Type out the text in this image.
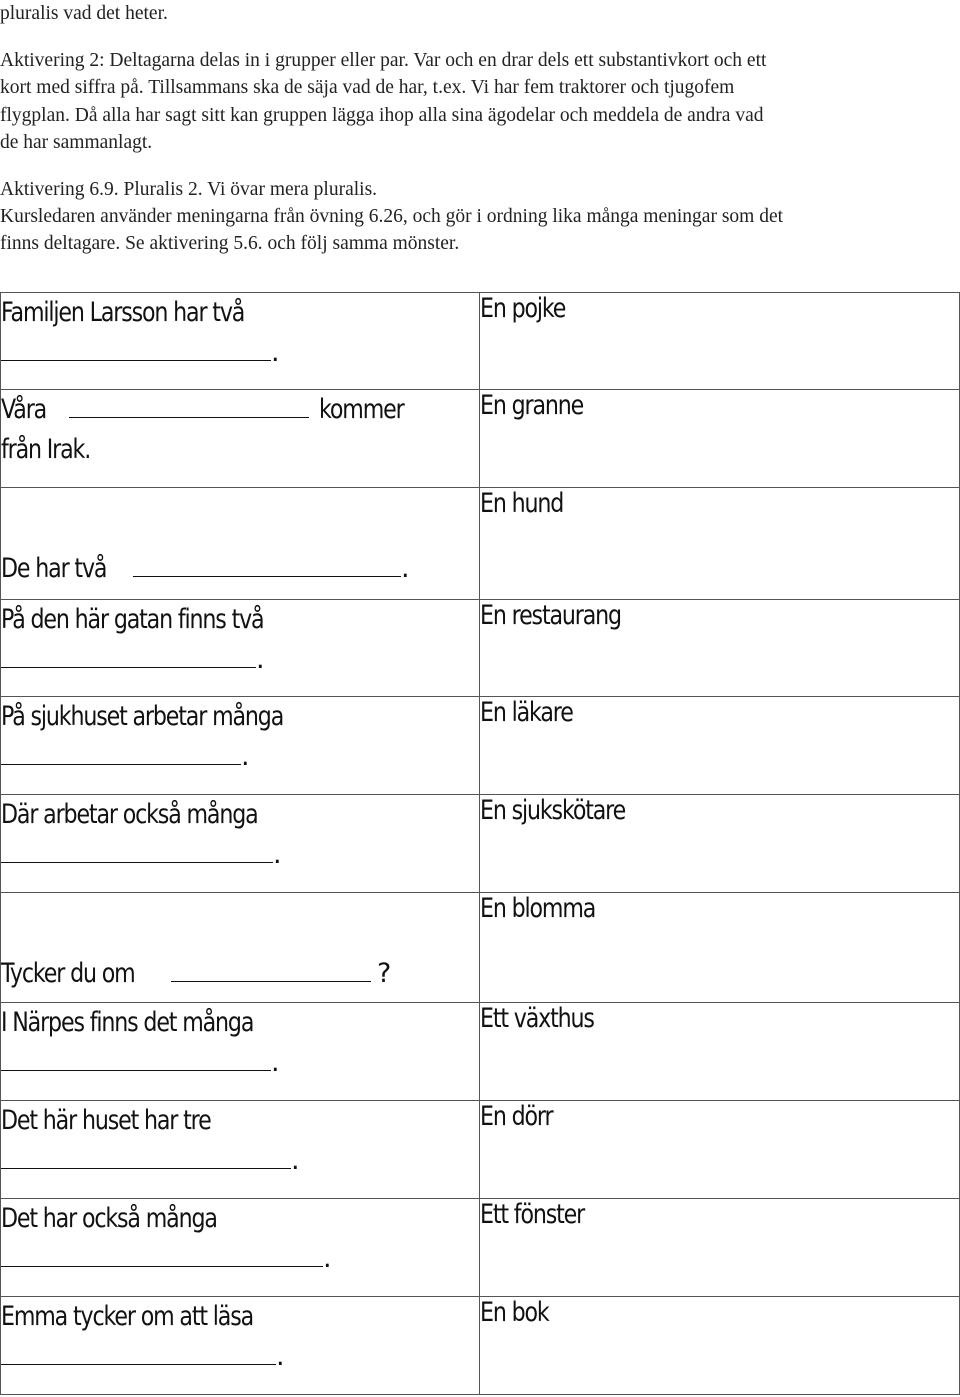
pluralis vad det heter.

Aktivering 2: Deltagarna delas in i grupper eller par. Var och en drar dels ett substantivkort och ett

kort med siffra på. Tillsammans ska de säja vad de har, t.ex. Vi har fem traktorer och tjugofem

flygplan. Då alla har sagt sitt kan gruppen lägga ihop alla sina ägodelar och meddela de andra vad

de har sammanlagt.

Aktivering 6.9. Pluralis 2. Vi övar mera pluralis.

Kursledaren använder meningarna från övning 6.26, och gör i ordning lika många meningar som det

finns deltagare. Se aktivering 5.6. och följ samma mönster.

Familjen Larsson har två
.	En pojke

Våra kommer
från Irak.	En granne

De har två .	En hund

På den här gatan finns två
.	En restaurang

På sjukhuset arbetar många
.	En läkare

Där arbetar också många
.	En sjukskötare

Tycker du om ?	En blomma

I Närpes finns det många
.	Ett växthus

Det här huset har tre
.	En dörr

Det har också många
.	Ett fönster

Emma tycker om att läsa
.	En bok
